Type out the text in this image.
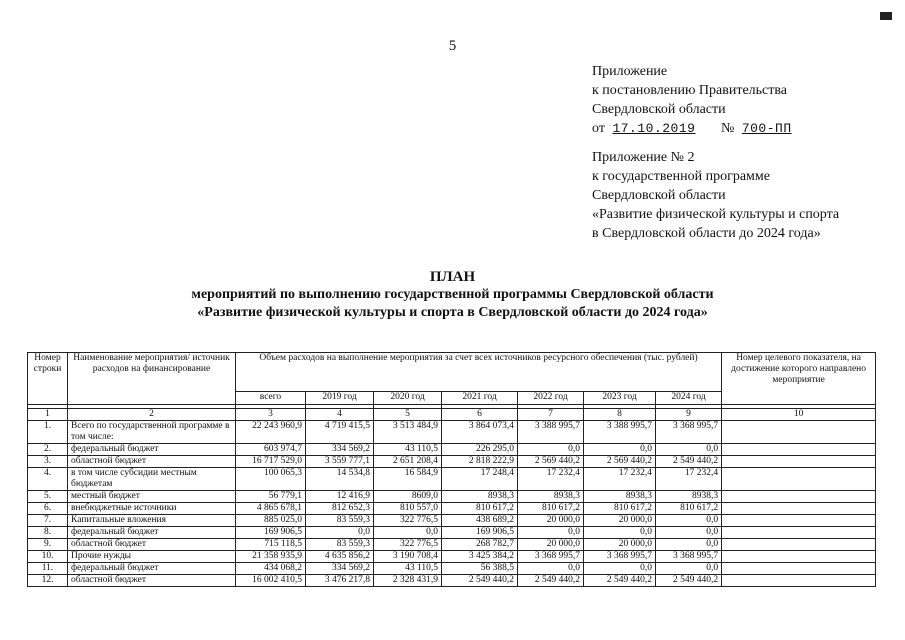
5
Приложение
к постановлению Правительства
Свердловской области
от 17.10.2019 № 700-ПП
Приложение № 2
к государственной программе
Свердловской области
«Развитие физической культуры и спорта
в Свердловской области до 2024 года»
ПЛАН
мероприятий по выполнению государственной программы Свердловской области
«Развитие физической культуры и спорта в Свердловской области до 2024 года»
Номер строки	Наименование мероприятия/ источник расходов на финансирование	Объем расходов на выполнение мероприятия за счет всех источников ресурсного обеспечения (тыс. рублей)							Номер целевого показателя, на достижение которого направлено мероприятие
		всего	2019 год	2020 год	2021 год	2022 год	2023 год	2024 год	

1	2	3	4	5	6	7	8	9	10
1.	Всего по государственной программе в том числе:	22 243 960,9	4 719 415,5	3 513 484,9	3 864 073,4	3 388 995,7	3 388 995,7	3 368 995,7	
2.	федеральный бюджет	603 974,7	334 569,2	43 110,5	226 295,0	0,0	0,0	0,0	
3.	областной бюджет	16 717 529,0	3 559 777,1	2 651 208,4	2 818 222,9	2 569 440,2	2 569 440,2	2 549 440,2	
4.	в том числе субсидии местным бюджетам	100 065,3	14 534,8	16 584,9	17 248,4	17 232,4	17 232,4	17 232,4	
5.	местный бюджет	56 779,1	12 416,9	8609,0	8938,3	8938,3	8938,3	8938,3	
6.	внебюджетные источники	4 865 678,1	812 652,3	810 557,0	810 617,2	810 617,2	810 617,2	810 617,2	
7.	Капитальные вложения	885 025,0	83 559,3	322 776,5	438 689,2	20 000,0	20 000,0	0,0	
8.	федеральный бюджет	169 906,5	0,0	0,0	169 906,5	0,0	0,0	0,0	
9.	областной бюджет	715 118,5	83 559,3	322 776,5	268 782,7	20 000,0	20 000,0	0,0	
10.	Прочие нужды	21 358 935,9	4 635 856,2	3 190 708,4	3 425 384,2	3 368 995,7	3 368 995,7	3 368 995,7	
11.	федеральный бюджет	434 068,2	334 569,2	43 110,5	56 388,5	0,0	0,0	0,0	
12.	областной бюджет	16 002 410,5	3 476 217,8	2 328 431,9	2 549 440,2	2 549 440,2	2 549 440,2	2 549 440,2	
